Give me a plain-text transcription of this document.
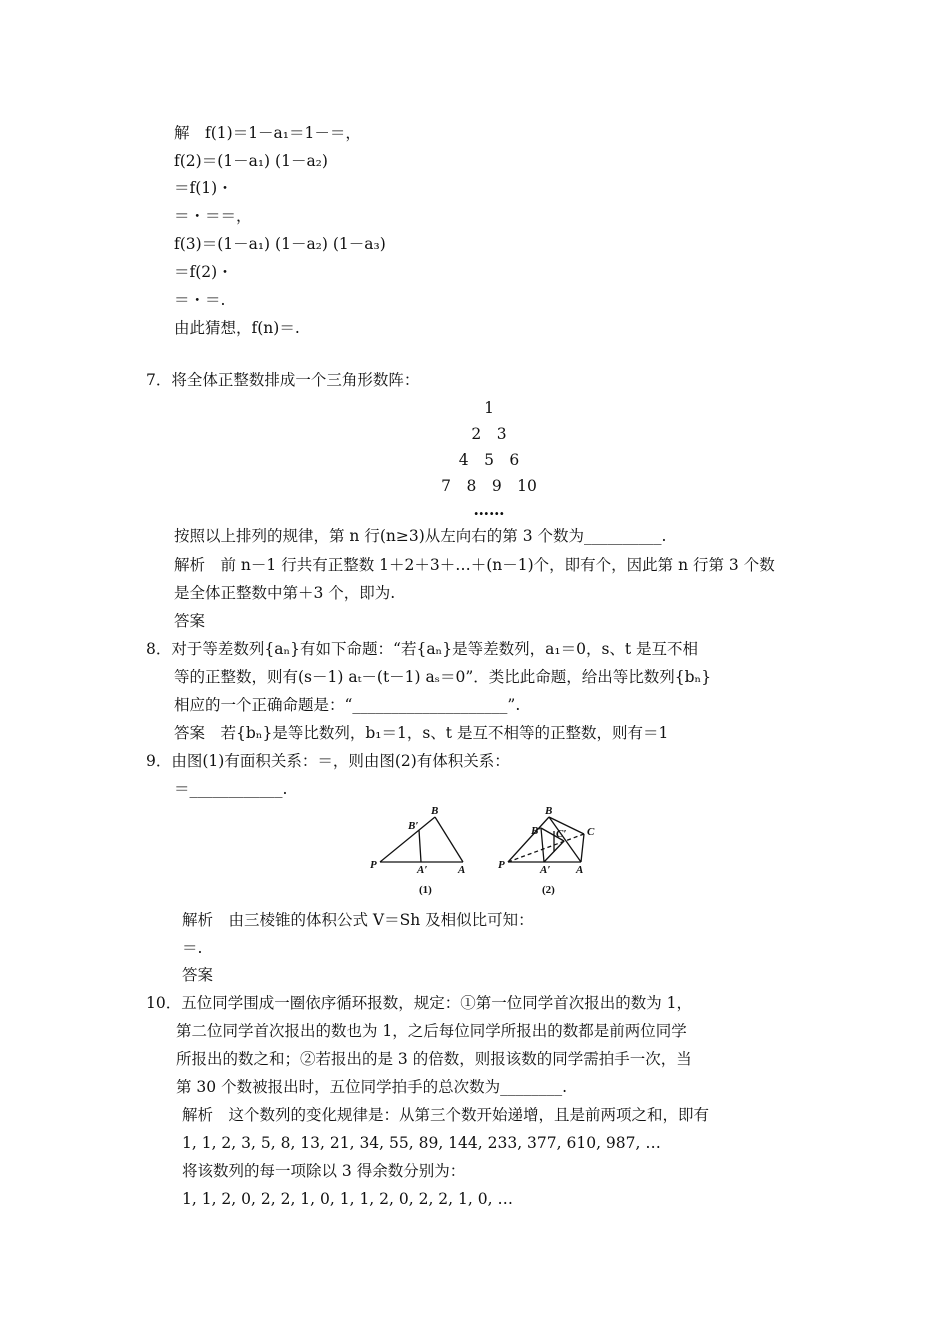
解　f(1)＝1－a₁＝1－＝，
f(2)＝(1－a₁) (1－a₂)
＝f(1)・
＝・＝＝，
f(3)＝(1－a₁) (1－a₂) (1－a₃)
＝f(2)・
＝・＝.
由此猜想，f(n)＝.
7．将全体正整数排成一个三角形数阵：
1
2　3
4　5　6
7　8　9　10
……
按照以上排列的规律，第 n 行(n≥3)从左向右的第 3 个数为__________.
解析　前 n－1 行共有正整数 1＋2＋3＋…＋(n－1)个，即有个，因此第 n 行第 3 个数
是全体正整数中第＋3 个，即为.
答案
8．对于等差数列{aₙ}有如下命题：“若{aₙ}是等差数列，a₁＝0，s、t 是互不相
等的正整数，则有(s－1) aₜ－(t－1) aₛ＝0”．类比此命题，给出等比数列{bₙ}
相应的一个正确命题是：“____________________”.
答案　若{bₙ}是等比数列，b₁＝1，s、t 是互不相等的正整数，则有＝1
9．由图(1)有面积关系：＝，则由图(2)有体积关系：
＝____________.
P	A
B
B′
A′	P	A
B
B′
A′
C
C′
(1)	(2)
解析　由三棱锥的体积公式 V＝Sh 及相似比可知：
＝.
答案
10．五位同学围成一圈依序循环报数，规定：①第一位同学首次报出的数为 1，
第二位同学首次报出的数也为 1，之后每位同学所报出的数都是前两位同学
所报出的数之和；②若报出的是 3 的倍数，则报该数的同学需拍手一次，当
第 30 个数被报出时，五位同学拍手的总次数为________.
解析　这个数列的变化规律是：从第三个数开始递增，且是前两项之和，即有
1, 1, 2, 3, 5, 8, 13, 21, 34, 55, 89, 144, 233, 377, 610, 987, …
将该数列的每一项除以 3 得余数分别为：
1, 1, 2, 0, 2, 2, 1, 0, 1, 1, 2, 0, 2, 2, 1, 0, …
